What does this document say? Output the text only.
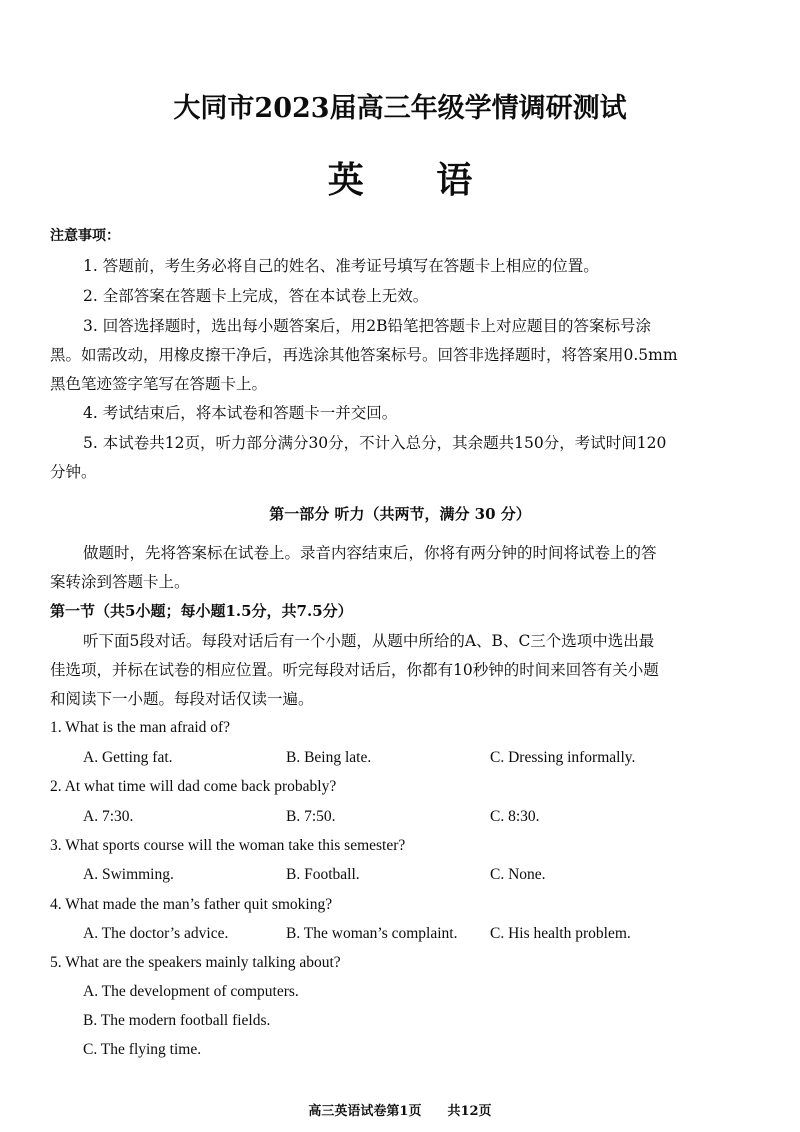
大同市2023届高三年级学情调研测试
英 语
注意事项：
1. 答题前，考生务必将自己的姓名、准考证号填写在答题卡上相应的位置。
2. 全部答案在答题卡上完成，答在本试卷上无效。
3. 回答选择题时，选出每小题答案后，用2B铅笔把答题卡上对应题目的答案标号涂
黑。如需改动，用橡皮擦干净后，再选涂其他答案标号。回答非选择题时，将答案用0.5mm
黑色笔迹签字笔写在答题卡上。
4. 考试结束后，将本试卷和答题卡一并交回。
5. 本试卷共12页，听力部分满分30分，不计入总分，其余题共150分，考试时间120
分钟。
第一部分 听力（共两节，满分 30 分）
做题时，先将答案标在试卷上。录音内容结束后，你将有两分钟的时间将试卷上的答
案转涂到答题卡上。
第一节（共5小题；每小题1.5分，共7.5分）
听下面5段对话。每段对话后有一个小题，从题中所给的A、B、C三个选项中选出最
佳选项，并标在试卷的相应位置。听完每段对话后，你都有10秒钟的时间来回答有关小题
和阅读下一小题。每段对话仅读一遍。
1. What is the man afraid of?
A. Getting fat.	B. Being late.	C. Dressing informally.
2. At what time will dad come back probably?
A. 7:30.	B. 7:50.	C. 8:30.
3. What sports course will the woman take this semester?
A. Swimming.	B. Football.	C. None.
4. What made the man’s father quit smoking?
A. The doctor’s advice.	B. The woman’s complaint. C. His health problem.
5. What are the speakers mainly talking about?
A. The development of computers.
B. The modern football fields.
C. The flying time.
高三英语试卷第1页　　共12页
